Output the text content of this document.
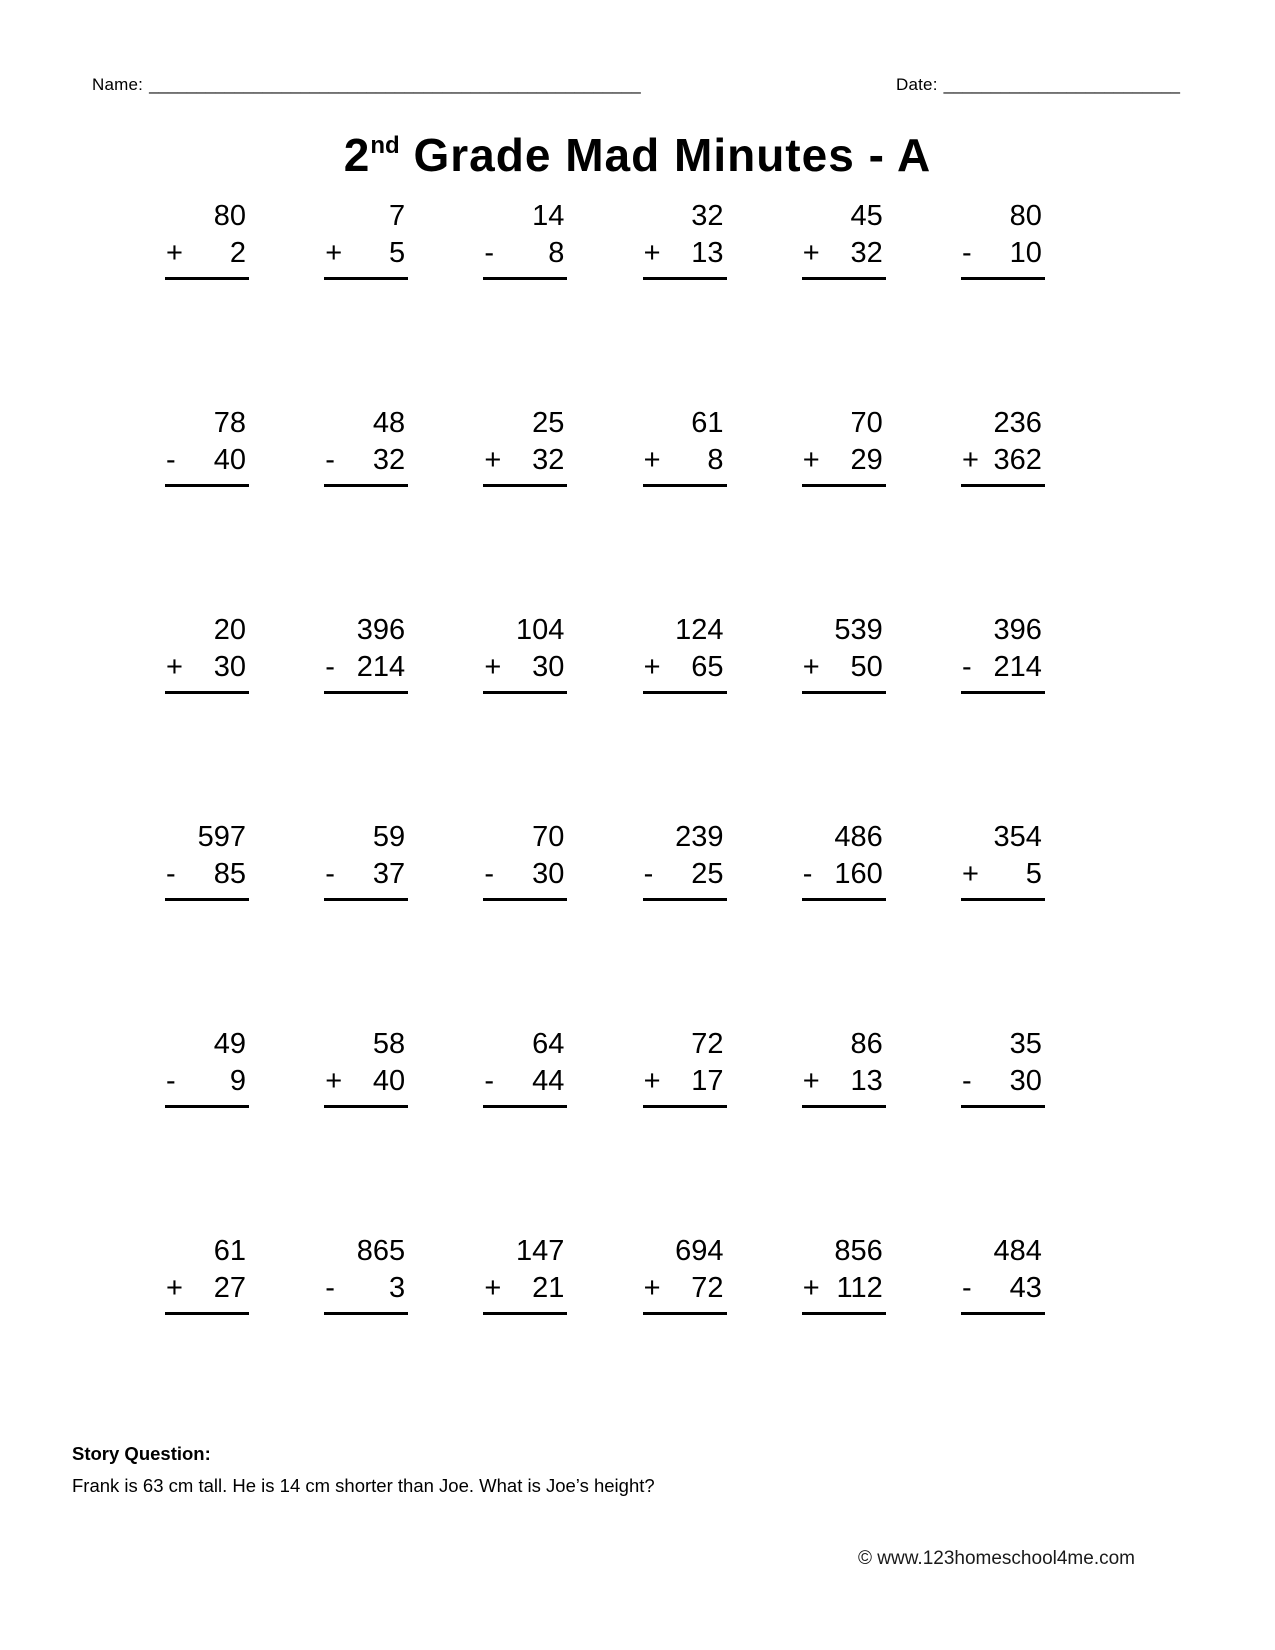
Name: ____________________________________________________	Date: _________________________
2nd Grade Mad Minutes - A
80
+ 2
7
+ 5
14
- 8
32
+ 13
45
+ 32
80
- 10
78
- 40
48
- 32
25
+ 32
61
+ 8
70
+ 29
236
+ 362
20
+ 30
396
- 214
104
+ 30
124
+ 65
539
+ 50
396
- 214
597
- 85
59
- 37
70
- 30
239
- 25
486
- 160
354
+ 5
49
- 9
58
+ 40
64
- 44
72
+ 17
86
+ 13
35
- 30
61
+ 27
865
- 3
147
+ 21
694
+ 72
856
+ 112
484
- 43
Story Question:
Frank is 63 cm tall. He is 14 cm shorter than Joe. What is Joe’s height?
© www.123homeschool4me.com
